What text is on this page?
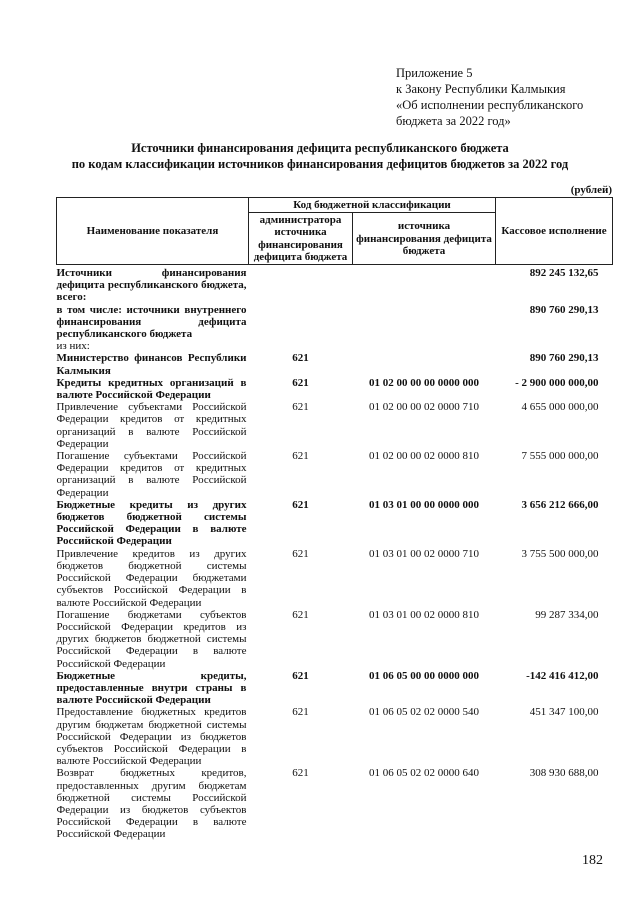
Приложение 5
к Закону Республики Калмыкия
«Об исполнении республиканского
бюджета за 2022 год»
Источники финансирования дефицита республиканского бюджета
по кодам классификации источников финансирования дефицитов бюджетов за 2022 год
(рублей)
Наименование показателя	Код бюджетной классификации		Кассовое исполнение
	администратора источника финансирования дефицита бюджета	источника финансирования дефицита бюджета	

Источники финансирования дефицита республиканского бюджета, всего:			892 245 132,65

в том числе: источники внутреннего финансирования дефицита республиканского бюджета
из них:			890 760 290,13

Министерство финансов Республики Калмыкия	621		890 760 290,13

Кредиты кредитных организаций в валюте Российской Федерации	621	01 02 00 00 00 0000 000	- 2 900 000 000,00

Привлечение субъектами Российской Федерации кредитов от кредитных организаций в валюте Российской Федерации	621	01 02 00 00 02 0000 710	4 655 000 000,00

Погашение субъектами Российской Федерации кредитов от кредитных организаций в валюте Российской Федерации	621	01 02 00 00 02 0000 810	7 555 000 000,00

Бюджетные кредиты из других бюджетов бюджетной системы Российской Федерации в валюте Российской Федерации	621	01 03 01 00 00 0000 000	3 656 212 666,00

Привлечение кредитов из других бюджетов бюджетной системы Российской Федерации бюджетами субъектов Российской Федерации в валюте Российской Федерации	621	01 03 01 00 02 0000 710	3 755 500 000,00

Погашение бюджетами субъектов Российской Федерации кредитов из других бюджетов бюджетной системы Российской Федерации в валюте Российской Федерации	621	01 03 01 00 02 0000 810	99 287 334,00

Бюджетные кредиты, предоставленные внутри страны в валюте Российской Федерации	621	01 06 05 00 00 0000 000	-142 416 412,00

Предоставление бюджетных кредитов другим бюджетам бюджетной системы Российской Федерации из бюджетов субъектов Российской Федерации в валюте Российской Федерации	621	01 06 05 02 02 0000 540	451 347 100,00

Возврат бюджетных кредитов, предоставленных другим бюджетам бюджетной системы Российской Федерации из бюджетов субъектов Российской Федерации в валюте Российской Федерации	621	01 06 05 02 02 0000 640	308 930 688,00
182
